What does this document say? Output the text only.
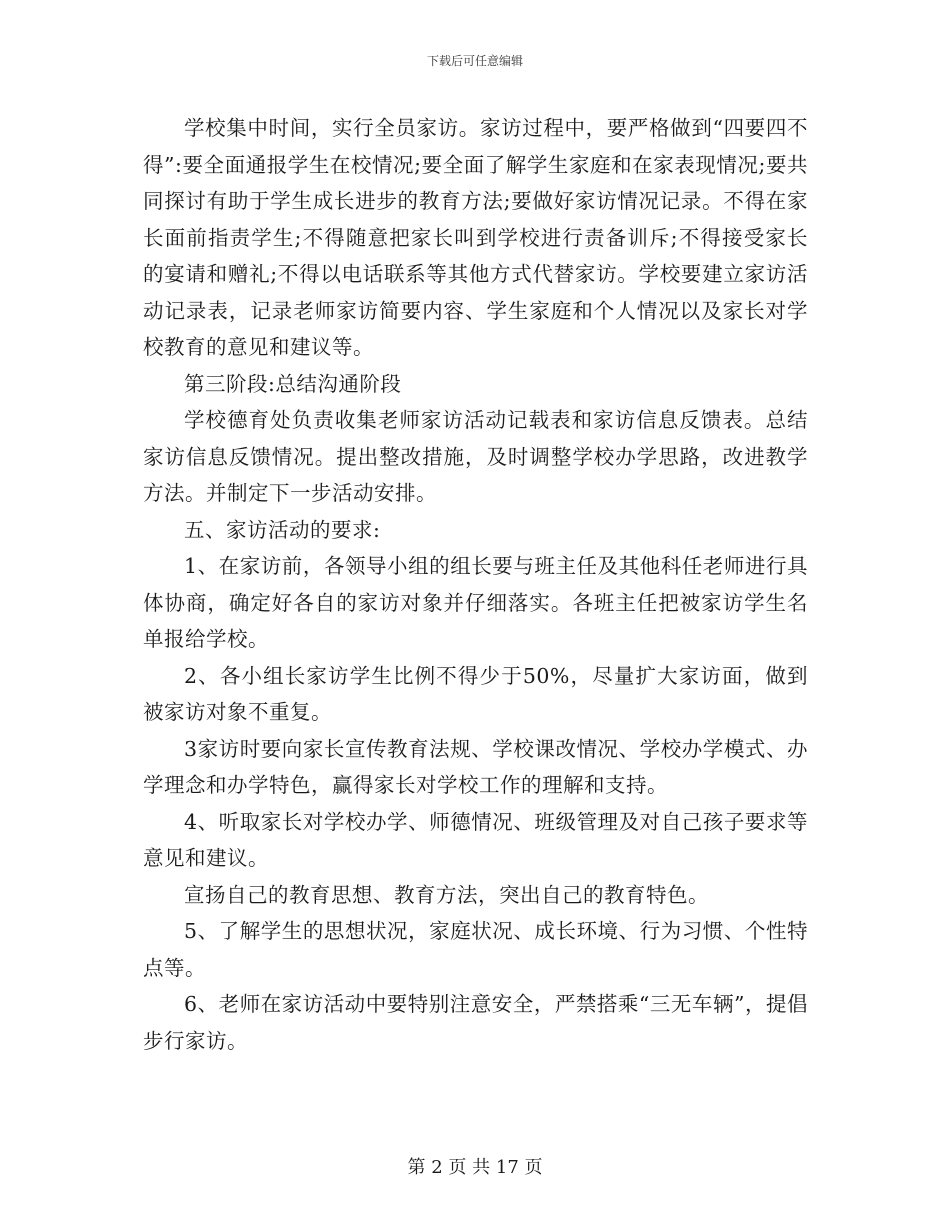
下载后可任意编辑

学校集中时间，实行全员家访。家访过程中，要严格做到“四要四不得”:要全面通报学生在校情况;要全面了解学生家庭和在家表现情况;要共同探讨有助于学生成长进步的教育方法;要做好家访情况记录。不得在家长面前指责学生;不得随意把家长叫到学校进行责备训斥;不得接受家长的宴请和赠礼;不得以电话联系等其他方式代替家访。学校要建立家访活动记录表，记录老师家访简要内容、学生家庭和个人情况以及家长对学校教育的意见和建议等。

第三阶段:总结沟通阶段

学校德育处负责收集老师家访活动记载表和家访信息反馈表。总结家访信息反馈情况。提出整改措施，及时调整学校办学思路，改进教学方法。并制定下一步活动安排。

五、家访活动的要求:

1、在家访前，各领导小组的组长要与班主任及其他科任老师进行具体协商，确定好各自的家访对象并仔细落实。各班主任把被家访学生名单报给学校。

2、各小组长家访学生比例不得少于50%，尽量扩大家访面，做到被家访对象不重复。

3家访时要向家长宣传教育法规、学校课改情况、学校办学模式、办学理念和办学特色，赢得家长对学校工作的理解和支持。

4、听取家长对学校办学、师德情况、班级管理及对自己孩子要求等意见和建议。

宣扬自己的教育思想、教育方法，突出自己的教育特色。

5、了解学生的思想状况，家庭状况、成长环境、行为习惯、个性特点等。

6、老师在家访活动中要特别注意安全，严禁搭乘“三无车辆”，提倡步行家访。

第 2 页 共 17 页
